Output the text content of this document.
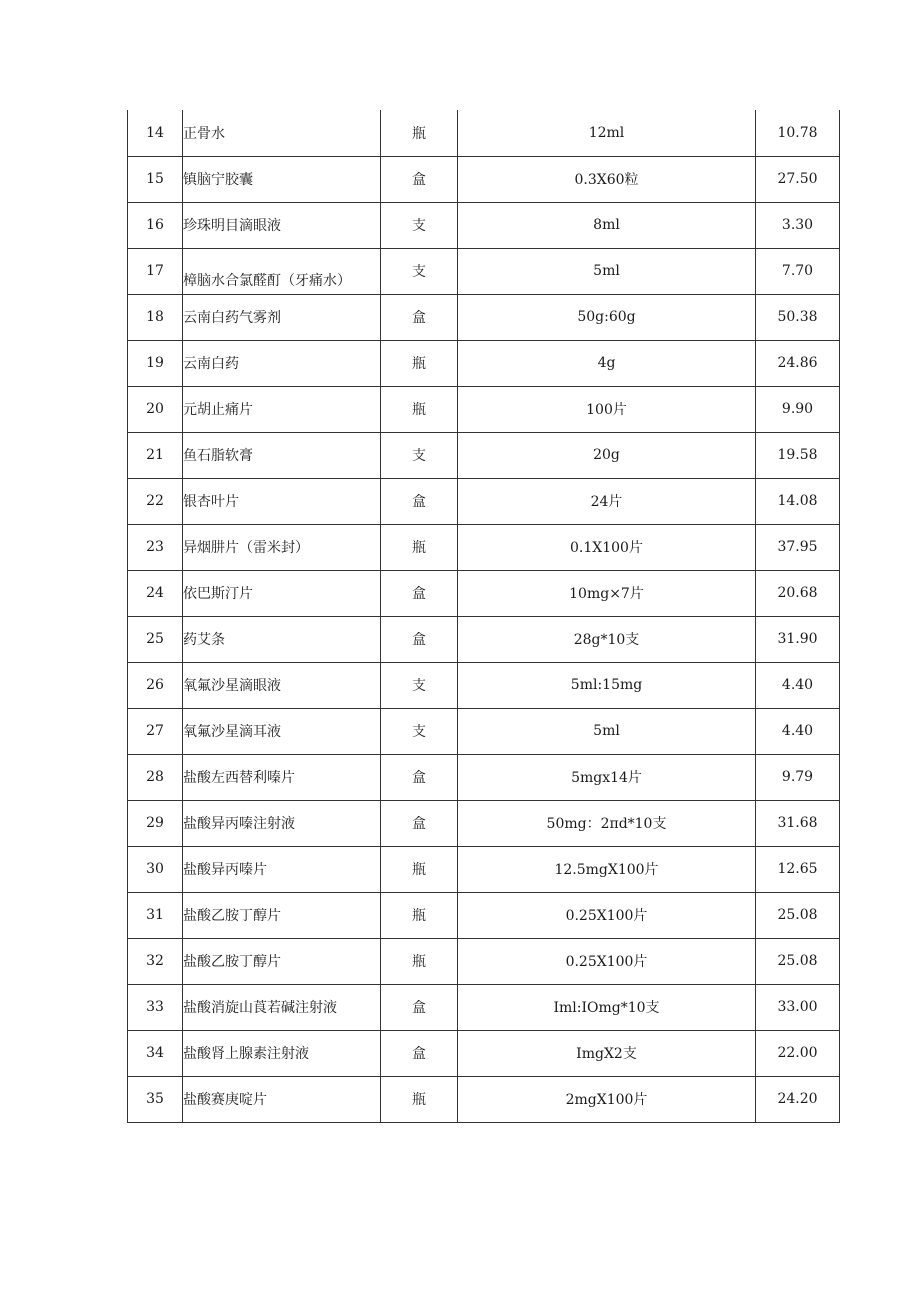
14	正骨水	瓶	12ml	10.78
15	镇脑宁胶囊	盒	0.3X60粒	27.50
16	珍珠明目滴眼液	支	8ml	3.30
17	樟脑水合氯醛酊（牙痛水）	支	5ml	7.70
18	云南白药气雾剂	盒	50g:60g	50.38
19	云南白药	瓶	4g	24.86
20	元胡止痛片	瓶	100片	9.90
21	鱼石脂软膏	支	20g	19.58
22	银杏叶片	盒	24片	14.08
23	异烟肼片（雷米封）	瓶	0.1X100片	37.95
24	依巴斯汀片	盒	10mg×7片	20.68
25	药艾条	盒	28g*10支	31.90
26	氧氟沙星滴眼液	支	5ml:15mg	4.40
27	氧氟沙星滴耳液	支	5ml	4.40
28	盐酸左西替利嗪片	盒	5mgx14片	9.79
29	盐酸异丙嗪注射液	盒	50mg：2πd*10支	31.68
30	盐酸异丙嗪片	瓶	12.5mgX100片	12.65
31	盐酸乙胺丁醇片	瓶	0.25X100片	25.08
32	盐酸乙胺丁醇片	瓶	0.25X100片	25.08
33	盐酸消旋山莨若碱注射液	盒	Iml:IOmg*10支	33.00
34	盐酸肾上腺素注射液	盒	ImgX2支	22.00
35	盐酸赛庚啶片	瓶	2mgX100片	24.20
